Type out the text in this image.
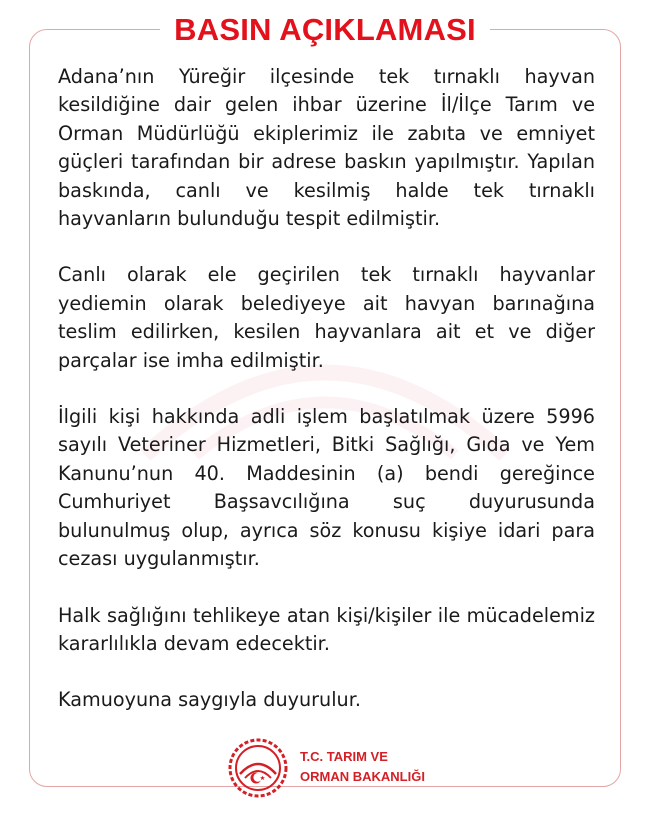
BASIN AÇIKLAMASI

Adana’nın Yüreğir ilçesinde tek tırnaklı hayvan kesildiğine dair gelen ihbar üzerine İl/İlçe Tarım ve Orman Müdürlüğü ekiplerimiz ile zabıta ve emniyet güçleri tarafından bir adrese baskın yapılmıştır. Yapılan baskında, canlı ve kesilmiş halde tek tırnaklı hayvanların bulunduğu tespit edilmiştir.

Canlı olarak ele geçirilen tek tırnaklı hayvanlar yediemin olarak belediyeye ait havyan barınağına teslim edilirken, kesilen hayvanlara ait et ve diğer parçalar ise imha edilmiştir.

İlgili kişi hakkında adli işlem başlatılmak üzere 5996 sayılı Veteriner Hizmetleri, Bitki Sağlığı, Gıda ve Yem Kanunu’nun 40. Maddesinin (a) bendi gereğince Cumhuriyet Başsavcılığına suç duyurusunda bulunulmuş olup, ayrıca söz konusu kişiye idari para cezası uygulanmıştır.

Halk sağlığını tehlikeye atan kişi/kişiler ile mücadelemiz kararlılıkla devam edecektir.

Kamuoyuna saygıyla duyurulur.

T.C. TARIM VE
ORMAN BAKANLIĞI
